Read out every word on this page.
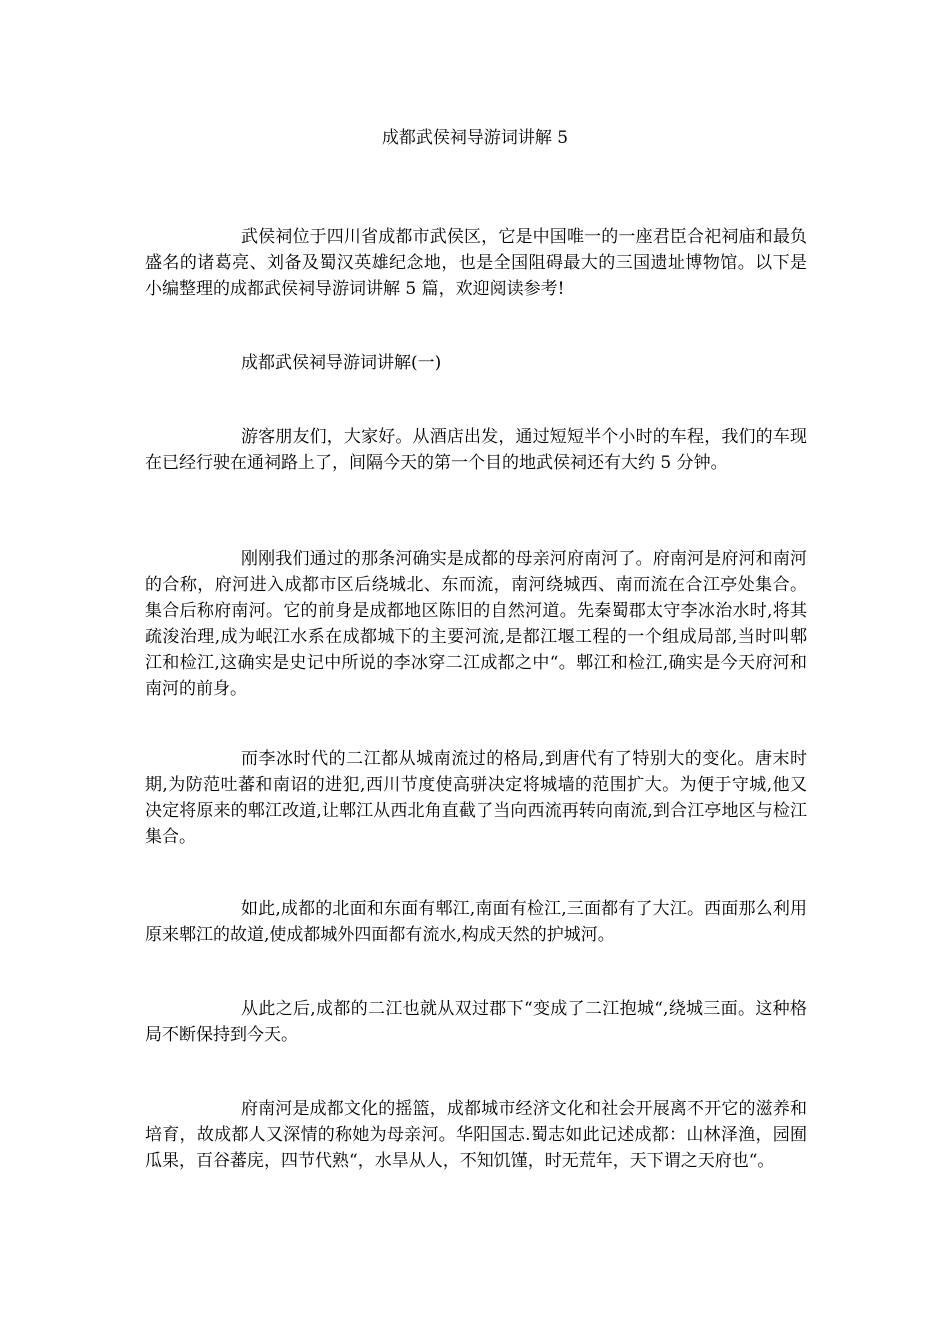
成都武侯祠导游词讲解 5

武侯祠位于四川省成都市武侯区，它是中国唯一的一座君臣合祀祠庙和最负盛名的诸葛亮、刘备及蜀汉英雄纪念地，也是全国阻碍最大的三国遗址博物馆。以下是小编整理的成都武侯祠导游词讲解 5 篇，欢迎阅读参考!

成都武侯祠导游词讲解(一)

游客朋友们，大家好。从酒店出发，通过短短半个小时的车程，我们的车现在已经行驶在通祠路上了，间隔今天的第一个目的地武侯祠还有大约 5 分钟。

刚刚我们通过的那条河确实是成都的母亲河府南河了。府南河是府河和南河的合称，府河进入成都市区后绕城北、东而流，南河绕城西、南而流在合江亭处集合。集合后称府南河。它的前身是成都地区陈旧的自然河道。先秦蜀郡太守李冰治水时,将其疏浚治理,成为岷江水系在成都城下的主要河流,是都江堰工程的一个组成局部,当时叫郫江和检江,这确实是史记中所说的李冰穿二江成都之中“。郫江和检江,确实是今天府河和南河的前身。

而李冰时代的二江都从城南流过的格局,到唐代有了特别大的变化。唐末时期,为防范吐蕃和南诏的进犯,西川节度使高骈决定将城墙的范围扩大。为便于守城,他又决定将原来的郫江改道,让郫江从西北角直截了当向西流再转向南流,到合江亭地区与检江集合。

如此,成都的北面和东面有郫江,南面有检江,三面都有了大江。西面那么利用原来郫江的故道,使成都城外四面都有流水,构成天然的护城河。

从此之后,成都的二江也就从双过郡下“变成了二江抱城“,绕城三面。这种格局不断保持到今天。

府南河是成都文化的摇篮，成都城市经济文化和社会开展离不开它的滋养和培育，故成都人又深情的称她为母亲河。华阳国志.蜀志如此记述成都：山林泽渔，园囿瓜果，百谷蕃庑，四节代熟“，水旱从人，不知饥馑，时无荒年，天下谓之天府也“。
